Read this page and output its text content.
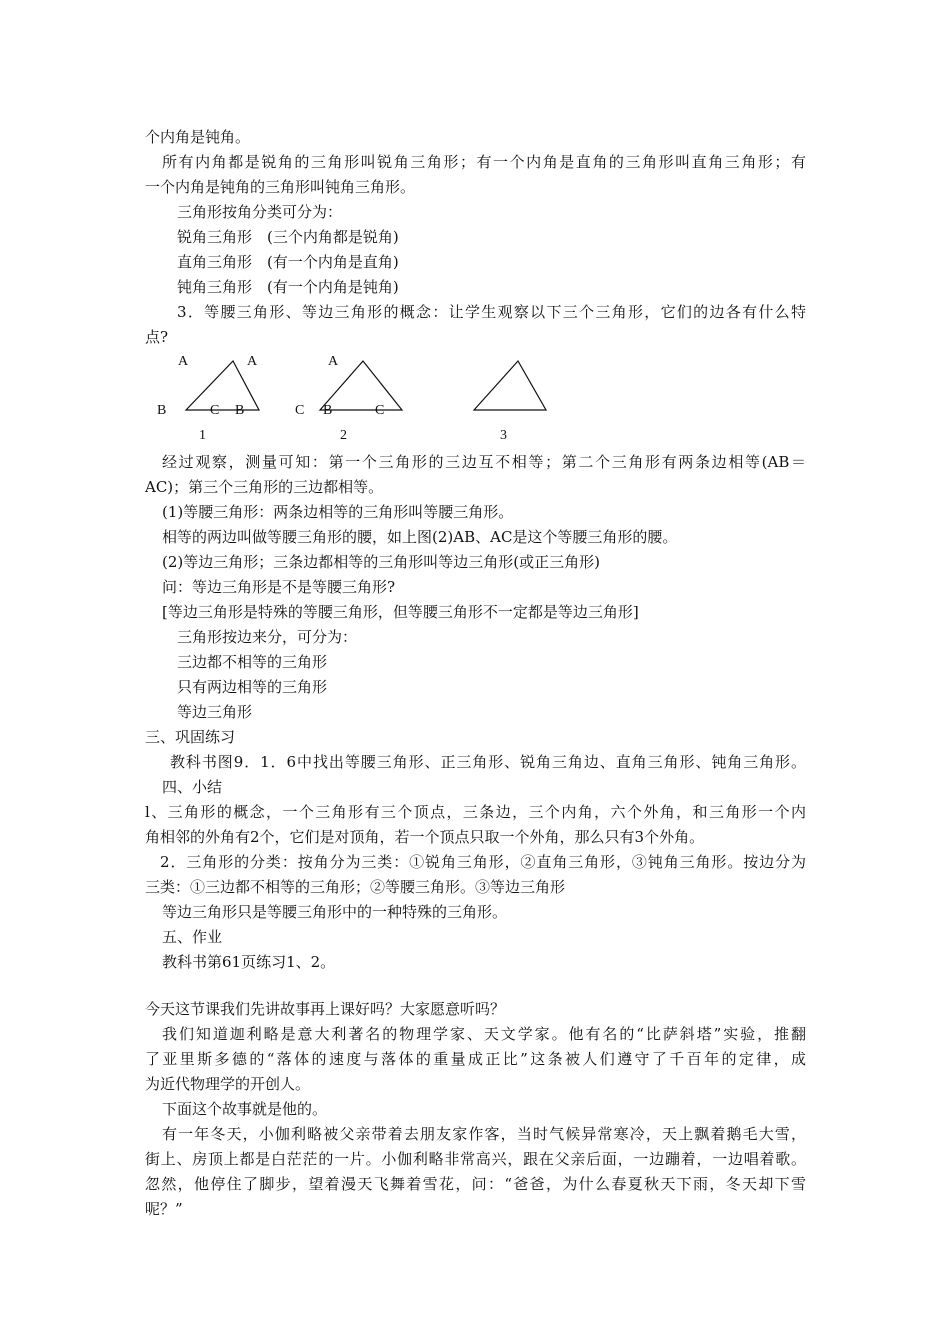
个内角是钝角。
所有内角都是锐角的三角形叫锐角三角形；有一个内角是直角的三角形叫直角三角形；有
一个内角是钝角的三角形叫钝角三角形。
三角形按角分类可分为：
锐角三角形　(三个内角都是锐角)
直角三角形　(有一个内角是直角)
钝角三角形　(有一个内角是钝角)
3．等腰三角形、等边三角形的概念：让学生观察以下三个三角形，它们的边各有什么特
点?
A	A
B	C B
A
C B	C
1	2	3
经过观察，测量可知：第一个三角形的三边互不相等；第二个三角形有两条边相等(AB＝
AC)；第三个三角形的三边都相等。
(1)等腰三角形：两条边相等的三角形叫等腰三角形。
相等的两边叫做等腰三角形的腰，如上图(2)AB、AC是这个等腰三角形的腰。
(2)等边三角形；三条边都相等的三角形叫等边三角形(或正三角形)
问：等边三角形是不是等腰三角形?
[等边三角形是特殊的等腰三角形，但等腰三角形不一定都是等边三角形]
三角形按边来分，可分为：
三边都不相等的三角形
只有两边相等的三角形
等边三角形
三、巩固练习
教科书图9．1．6中找出等腰三角形、正三角形、锐角三角边、直角三角形、钝角三角形。
四、小结
l、三角形的概念，一个三角形有三个顶点，三条边，三个内角，六个外角，和三角形一个内
角相邻的外角有2个，它们是对顶角，若一个顶点只取一个外角，那么只有3个外角。
2．三角形的分类：按角分为三类：①锐角三角形，②直角三角形，③钝角三角形。按边分为
三类：①三边都不相等的三角形；②等腰三角形。③等边三角形
等边三角形只是等腰三角形中的一种特殊的三角形。
五、作业
教科书第61页练习1、2。
今天这节课我们先讲故事再上课好吗？大家愿意听吗？
我们知道迦利略是意大利著名的物理学家、天文学家。他有名的“比萨斜塔”实验，推翻
了亚里斯多德的“落体的速度与落体的重量成正比”这条被人们遵守了千百年的定律，成
为近代物理学的开创人。
下面这个故事就是他的。
有一年冬天，小伽利略被父亲带着去朋友家作客，当时气候异常寒冷，天上飘着鹅毛大雪，
街上、房顶上都是白茫茫的一片。小伽利略非常高兴，跟在父亲后面，一边蹦着，一边唱着歌。
忽然，他停住了脚步，望着漫天飞舞着雪花，问：“爸爸，为什么春夏秋天下雨，冬天却下雪
呢？”
